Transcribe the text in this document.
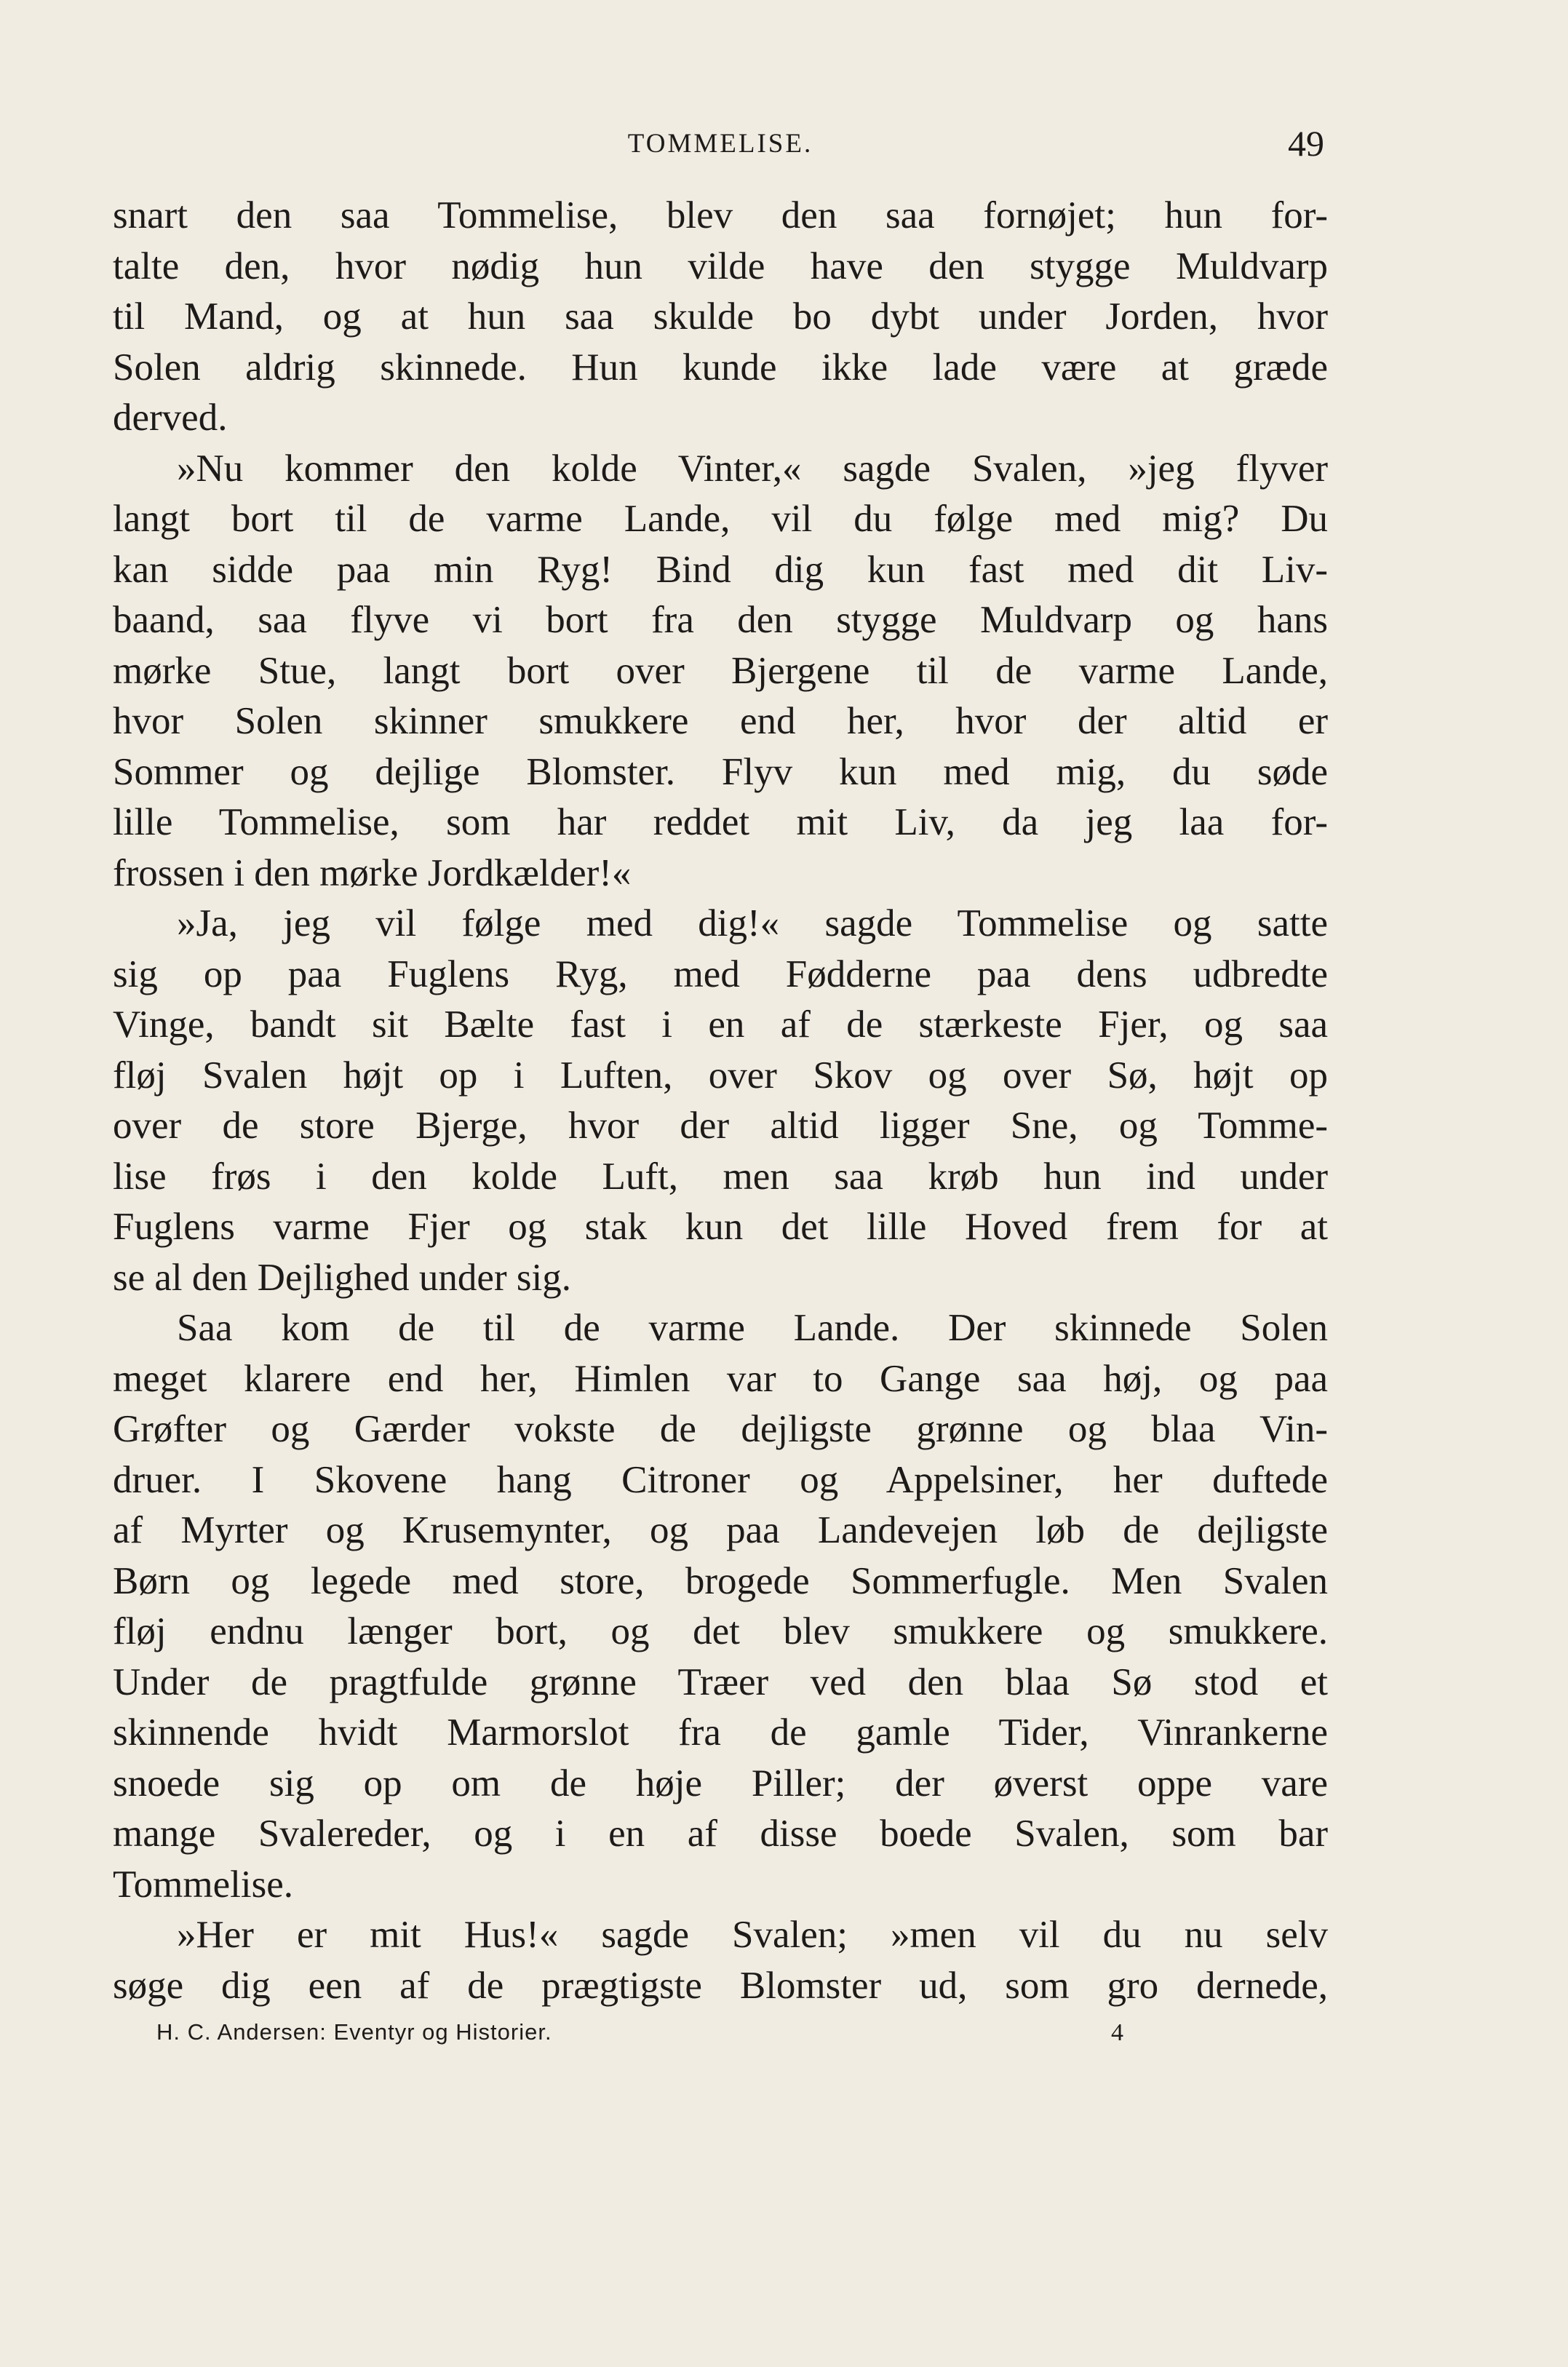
TOMMELISE.	49
snart den saa Tommelise, blev den saa fornøjet; hun for-
talte den, hvor nødig hun vilde have den stygge Muldvarp
til Mand, og at hun saa skulde bo dybt under Jorden, hvor
Solen aldrig skinnede. Hun kunde ikke lade være at græde
derved.
»Nu kommer den kolde Vinter,« sagde Svalen, »jeg flyver
langt bort til de varme Lande, vil du følge med mig? Du
kan sidde paa min Ryg! Bind dig kun fast med dit Liv-
baand, saa flyve vi bort fra den stygge Muldvarp og hans
mørke Stue, langt bort over Bjergene til de varme Lande,
hvor Solen skinner smukkere end her, hvor der altid er
Sommer og dejlige Blomster. Flyv kun med mig, du søde
lille Tommelise, som har reddet mit Liv, da jeg laa for-
frossen i den mørke Jordkælder!«
»Ja, jeg vil følge med dig!« sagde Tommelise og satte
sig op paa Fuglens Ryg, med Fødderne paa dens udbredte
Vinge, bandt sit Bælte fast i en af de stærkeste Fjer, og saa
fløj Svalen højt op i Luften, over Skov og over Sø, højt op
over de store Bjerge, hvor der altid ligger Sne, og Tomme-
lise frøs i den kolde Luft, men saa krøb hun ind under
Fuglens varme Fjer og stak kun det lille Hoved frem for at
se al den Dejlighed under sig.
Saa kom de til de varme Lande. Der skinnede Solen
meget klarere end her, Himlen var to Gange saa høj, og paa
Grøfter og Gærder vokste de dejligste grønne og blaa Vin-
druer. I Skovene hang Citroner og Appelsiner, her duftede
af Myrter og Krusemynter, og paa Landevejen løb de dejligste
Børn og legede med store, brogede Sommerfugle. Men Svalen
fløj endnu længer bort, og det blev smukkere og smukkere.
Under de pragtfulde grønne Træer ved den blaa Sø stod et
skinnende hvidt Marmorslot fra de gamle Tider, Vinrankerne
snoede sig op om de høje Piller; der øverst oppe vare
mange Svalereder, og i en af disse boede Svalen, som bar
Tommelise.
»Her er mit Hus!« sagde Svalen; »men vil du nu selv
søge dig een af de prægtigste Blomster ud, som gro dernede,
H. C. Andersen: Eventyr og Historier.	4
